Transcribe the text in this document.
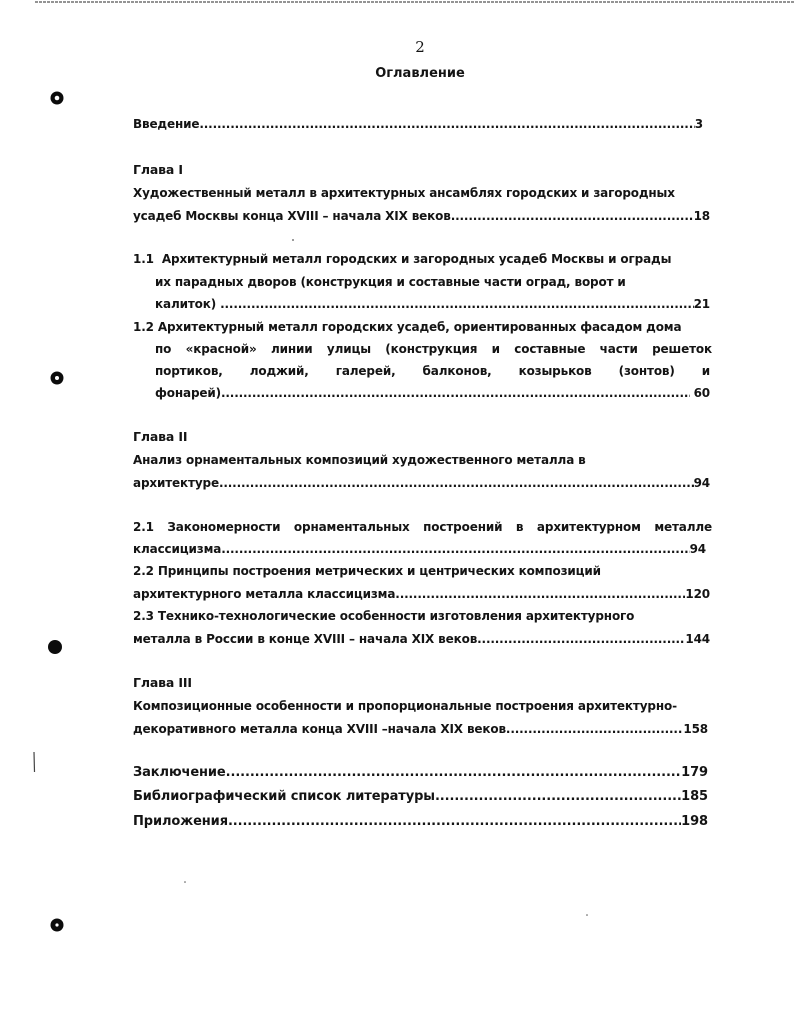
2
Оглавление
Введение .....	3
Глава I
Художественный металл в архитектурных ансамблях городских и загородных
усадеб Москвы конца XVIII – начала XIX веков .....	18
1.1  Архитектурный металл городских и загородных усадеб Москвы и ограды
их парадных дворов (конструкция и составные части оград, ворот и
калиток) .....	21
1.2 Архитектурный металл городских усадеб, ориентированных фасадом дома
по «красной» линии улицы (конструкция и составные части решеток
портиков, лоджий, галерей, балконов, козырьков (зонтов) и
фонарей) .....	60
Глава II
Анализ орнаментальных композиций художественного металла в
архитектуре .....	94
2.1 Закономерности орнаментальных построений в архитектурном металле
классицизма .....	94
2.2 Принципы построения метрических и центрических композиций
архитектурного металла классицизма .....	120
2.3 Технико-технологические особенности изготовления архитектурного
металла в России в конце XVIII – начала XIX веков .....	144
Глава III
Композиционные особенности и пропорциональные построения архитектурно-
декоративного металла конца XVIII –начала XIX веков .....	158
Заключение .....	179
Библиографический список литературы .....	185
Приложения .....	198
